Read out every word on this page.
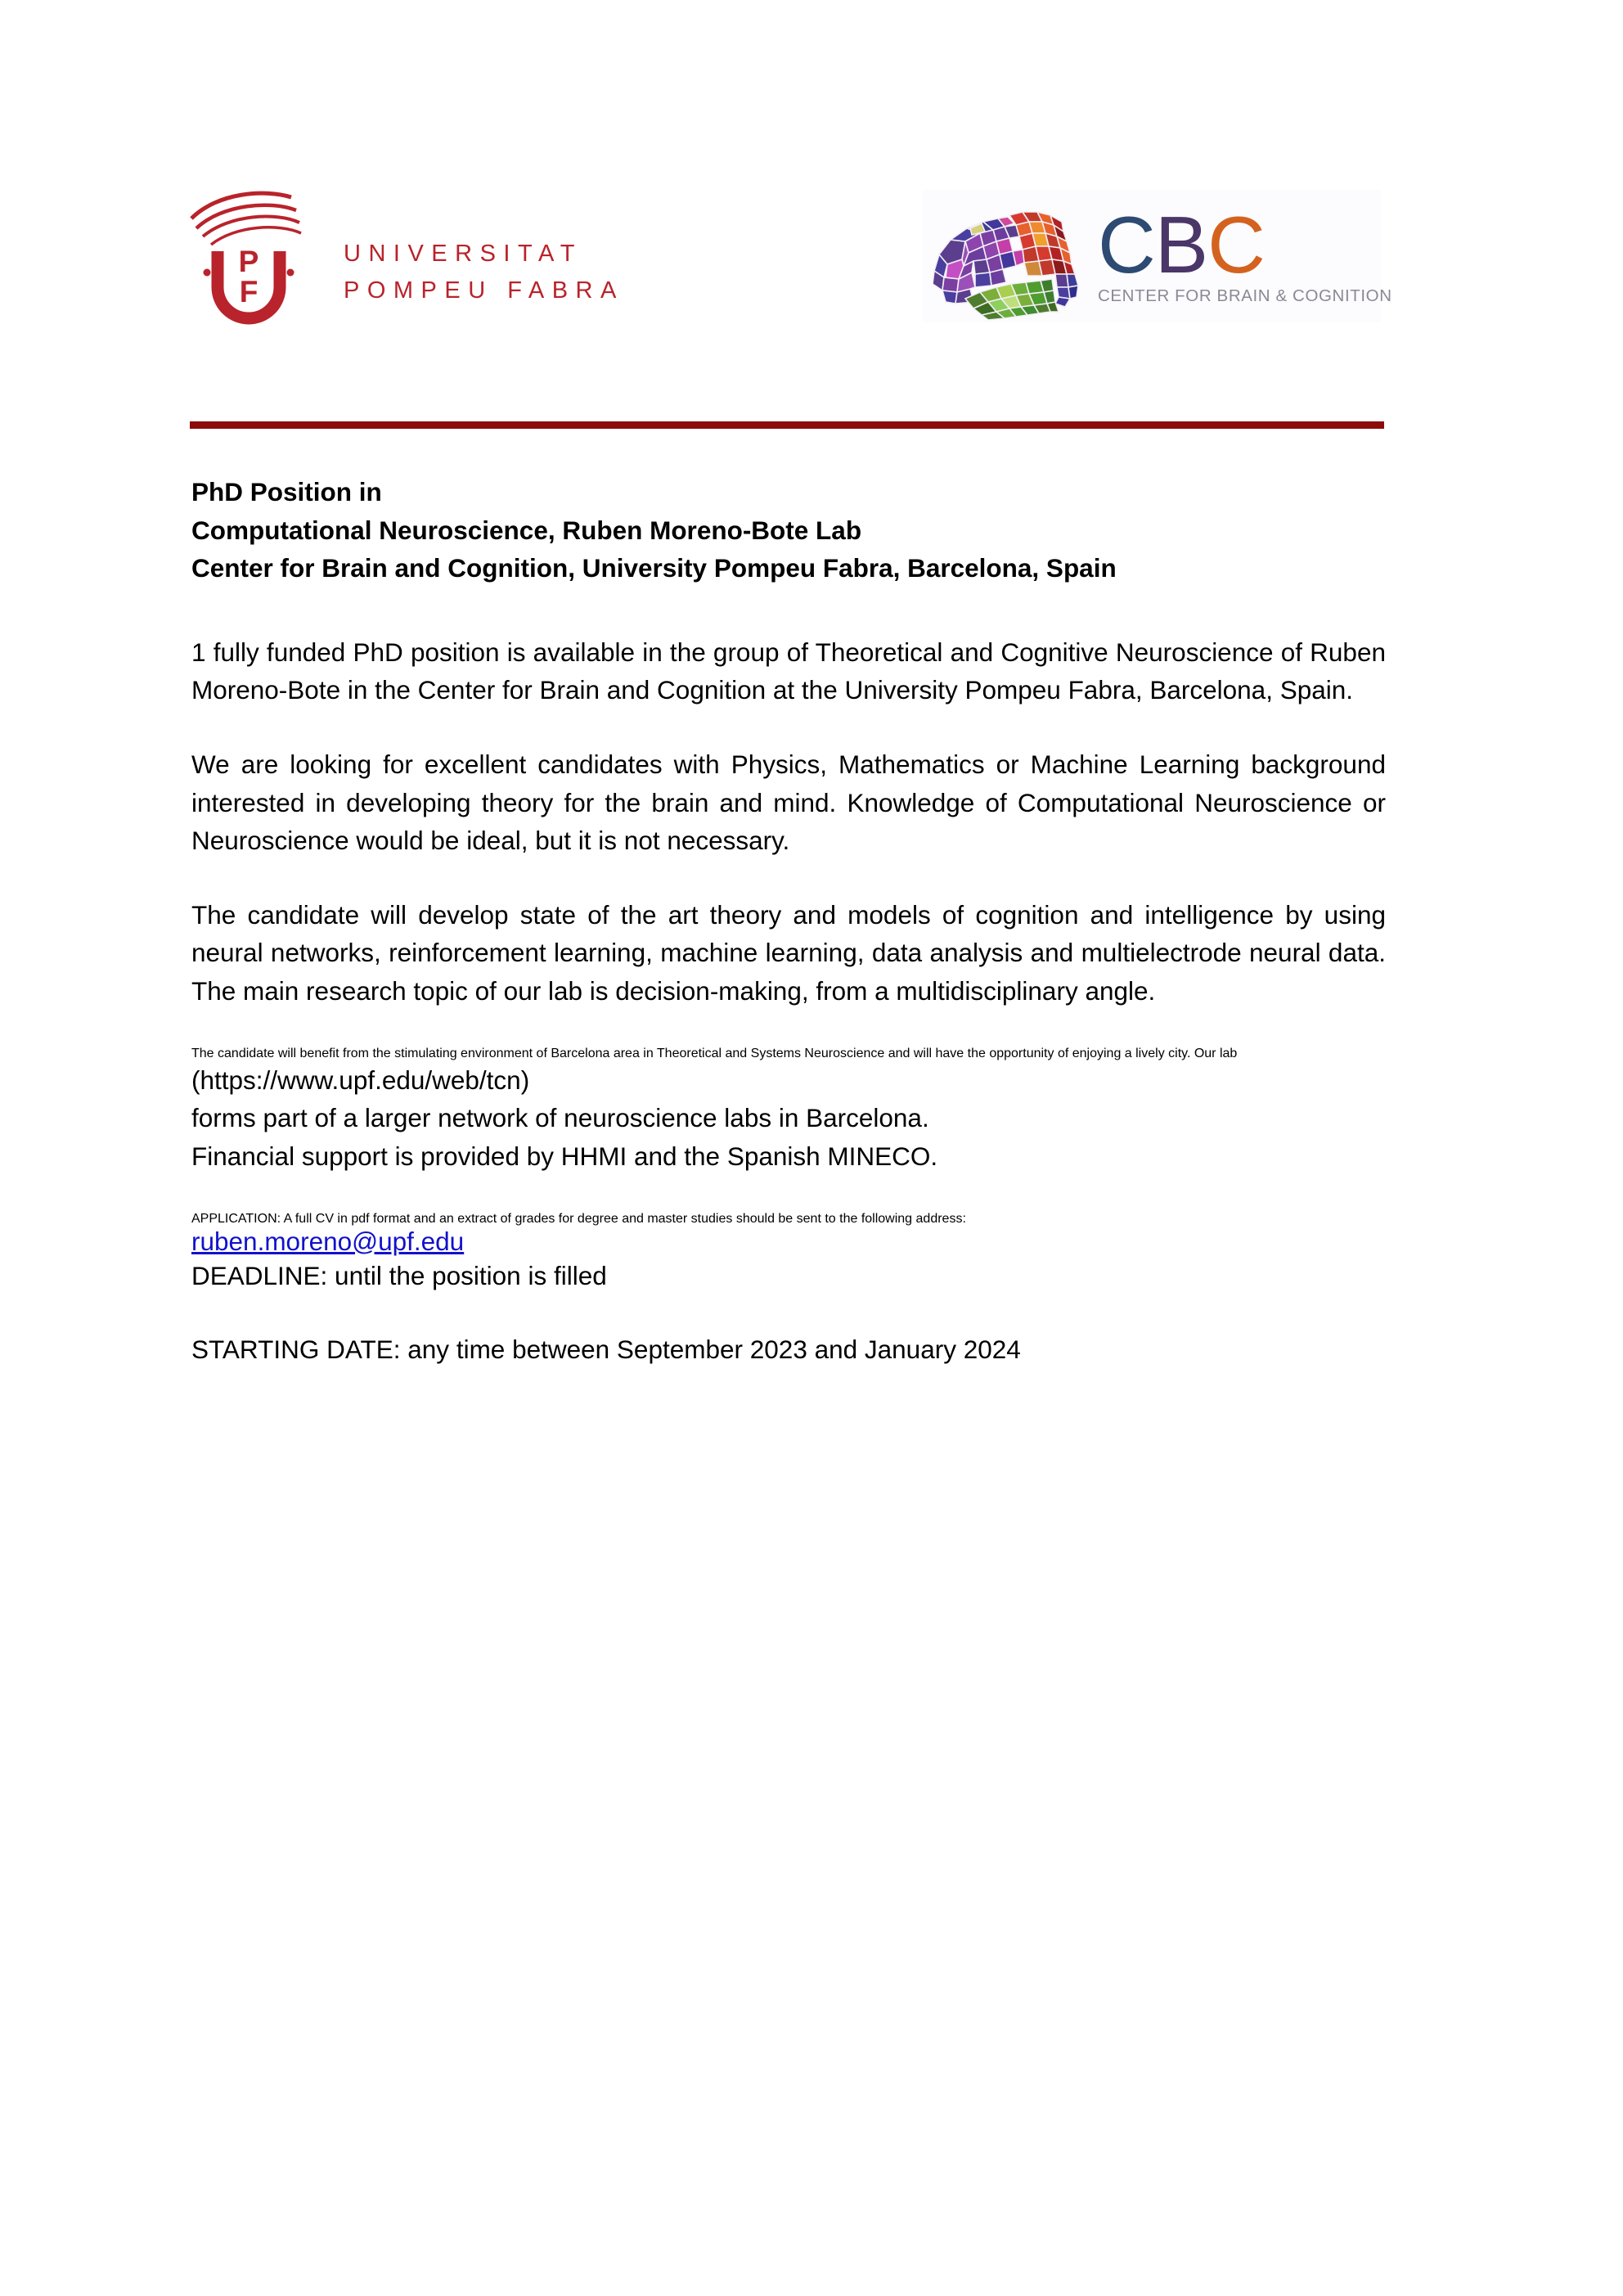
P
F
UNIVERSITAT
POMPEU FABRA
CBC
CENTER FOR BRAIN & COGNITION
PhD Position in
Computational Neuroscience, Ruben Moreno-Bote Lab
Center for Brain and Cognition, University Pompeu Fabra, Barcelona, Spain

1 fully funded PhD position is available in the group of Theoretical and Cognitive Neuroscience of Ruben Moreno-Bote in the Center for Brain and Cognition at the University Pompeu Fabra, Barcelona, Spain.

We are looking for excellent candidates with Physics, Mathematics or Machine Learning background interested in developing theory for the brain and mind. Knowledge of Computational Neuroscience or Neuroscience would be ideal, but it is not necessary.

The candidate will develop state of the art theory and models of cognition and intelligence by using neural networks, reinforcement learning, machine learning, data analysis and multielectrode neural data. The main research topic of our lab is decision-making, from a multidisciplinary angle.

The candidate will benefit from the stimulating environment of Barcelona area in Theoretical and Systems Neuroscience and will have the opportunity of enjoying a lively city. Our lab
(https://www.upf.edu/web/tcn)
forms part of a larger network of neuroscience labs in Barcelona.

Financial support is provided by HHMI and the Spanish MINECO.

APPLICATION: A full CV in pdf format and an extract of grades for degree and master studies should be sent to the following address:
ruben.moreno@upf.edu

DEADLINE: until the position is filled

STARTING DATE: any time between September 2023 and January 2024
